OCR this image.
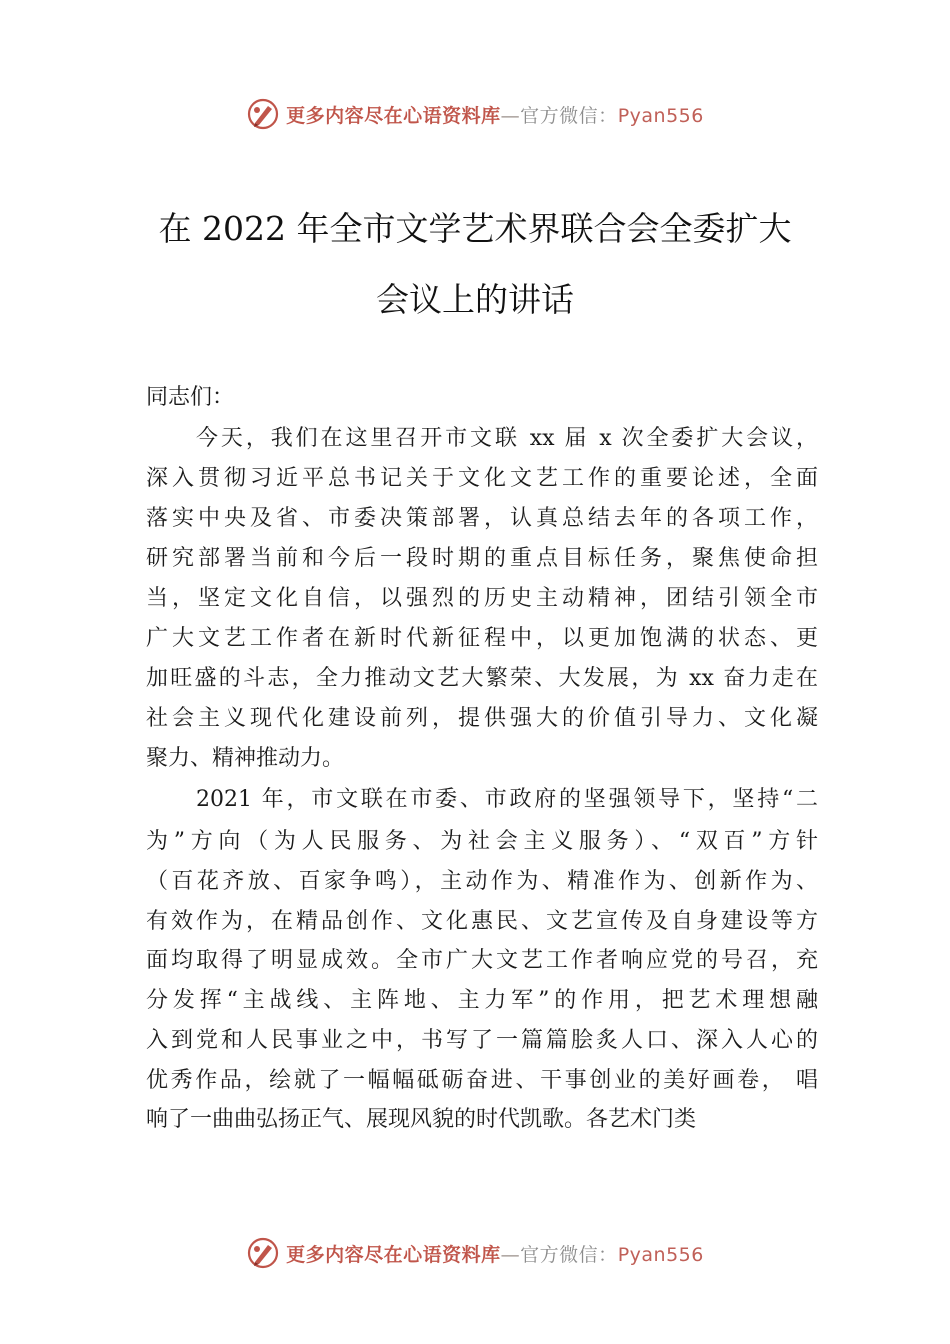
更多内容尽在心语资料库—官方微信：Pyan556
在 2022 年全市文学艺术界联合会全委扩大
会议上的讲话
同志们：
今天，我们在这里召开市文联 xx 届 x 次全委扩大会议，
深入贯彻习近平总书记关于文化文艺工作的重要论述，全面
落实中央及省、市委决策部署，认真总结去年的各项工作，
研究部署当前和今后一段时期的重点目标任务，聚焦使命担
当，坚定文化自信，以强烈的历史主动精神，团结引领全市
广大文艺工作者在新时代新征程中，以更加饱满的状态、更
加旺盛的斗志，全力推动文艺大繁荣、大发展，为 xx 奋力走在
社会主义现代化建设前列，提供强大的价值引导力、文化凝
聚力、精神推动力。
2021 年，市文联在市委、市政府的坚强领导下，坚持“二
为”方向（为人民服务、为社会主义服务）、“双百”方针
（百花齐放、百家争鸣），主动作为、精准作为、创新作为、
有效作为，在精品创作、文化惠民、文艺宣传及自身建设等方
面均取得了明显成效。全市广大文艺工作者响应党的号召，充
分发挥“主战线、主阵地、主力军”的作用，把艺术理想融
入到党和人民事业之中，书写了一篇篇脍炙人口、深入人心的
优秀作品，绘就了一幅幅砥砺奋进、干事创业的美好画卷， 唱
响了一曲曲弘扬正气、展现风貌的时代凯歌。各艺术门类
更多内容尽在心语资料库—官方微信：Pyan556
